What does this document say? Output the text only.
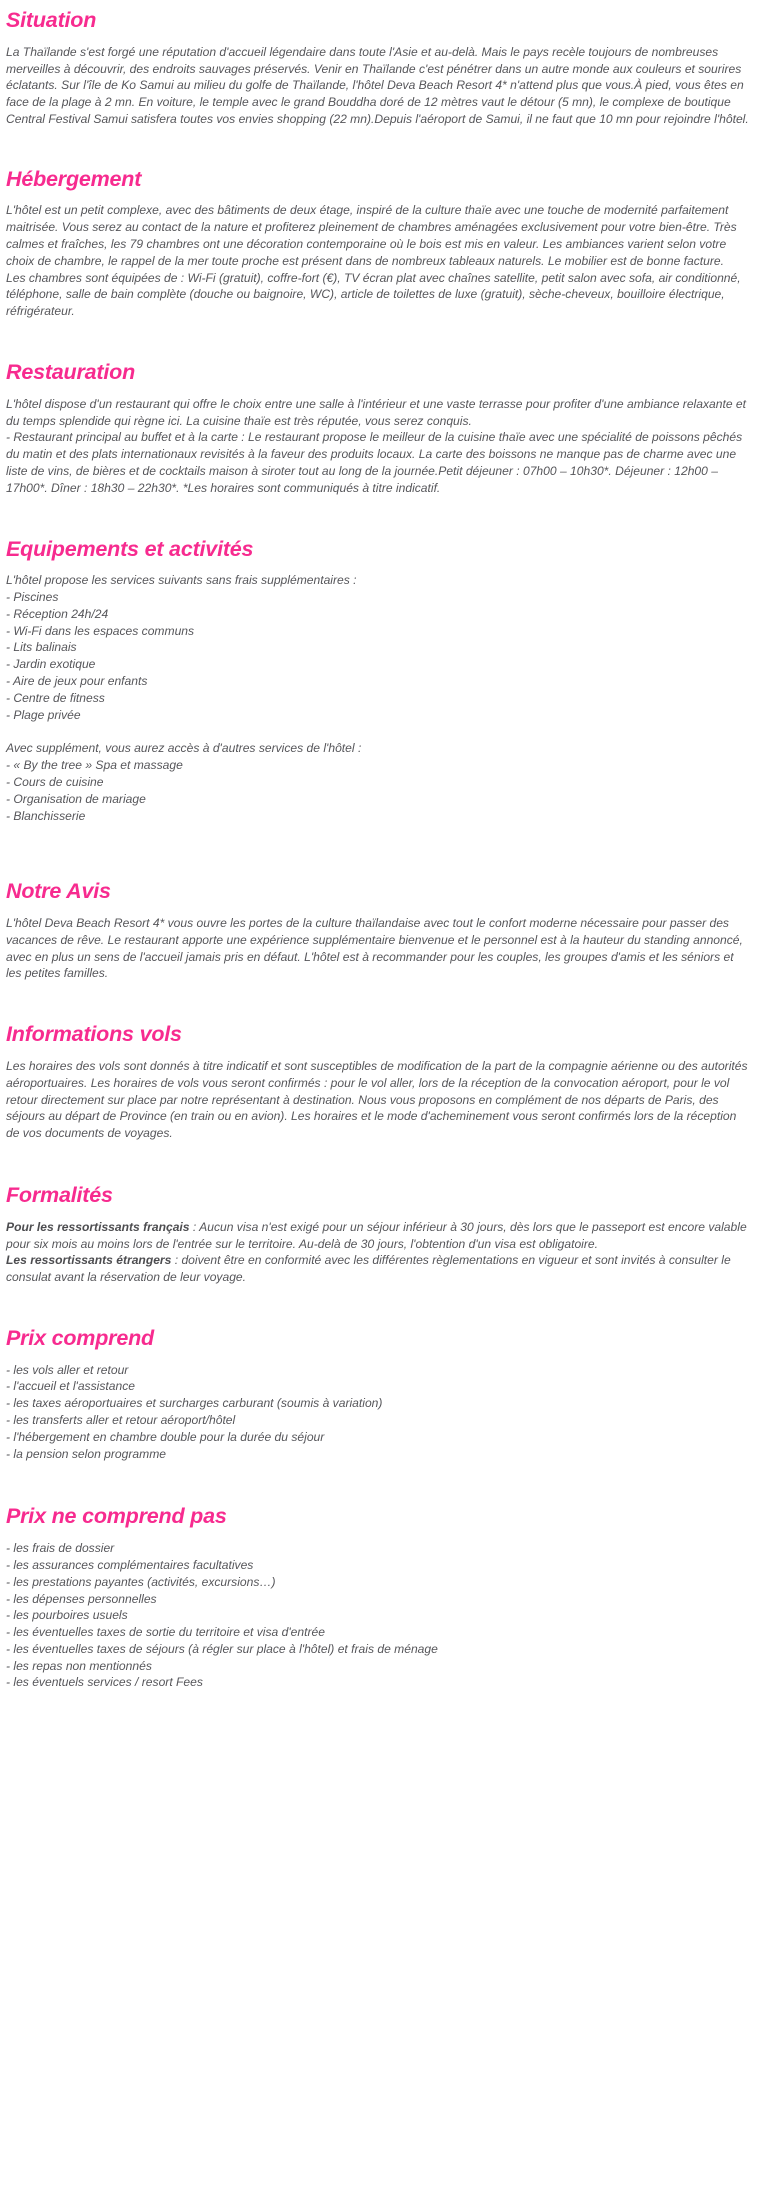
Situation

La Thaïlande s'est forgé une réputation d'accueil légendaire dans toute l'Asie et au-delà. Mais le pays recèle toujours de nombreuses merveilles à découvrir, des endroits sauvages préservés. Venir en Thaïlande c'est pénétrer dans un autre monde aux couleurs et sourires éclatants. Sur l'île de Ko Samui au milieu du golfe de Thaïlande, l'hôtel Deva Beach Resort 4* n'attend plus que vous.À pied, vous êtes en face de la plage à 2 mn. En voiture, le temple avec le grand Bouddha doré de 12 mètres vaut le détour (5 mn), le complexe de boutique Central Festival Samui satisfera toutes vos envies shopping (22 mn).Depuis l'aéroport de Samui, il ne faut que 10 mn pour rejoindre l'hôtel.

Hébergement

L'hôtel est un petit complexe, avec des bâtiments de deux étage, inspiré de la culture thaïe avec une touche de modernité parfaitement maitrisée. Vous serez au contact de la nature et profiterez pleinement de chambres aménagées exclusivement pour votre bien-être. Très calmes et fraîches, les 79 chambres ont une décoration contemporaine où le bois est mis en valeur. Les ambiances varient selon votre choix de chambre, le rappel de la mer toute proche est présent dans de nombreux tableaux naturels. Le mobilier est de bonne facture.

Les chambres sont équipées de : Wi-Fi (gratuit), coffre-fort (€), TV écran plat avec chaînes satellite, petit salon avec sofa, air conditionné, téléphone, salle de bain complète (douche ou baignoire, WC), article de toilettes de luxe (gratuit), sèche-cheveux, bouilloire électrique, réfrigérateur.

Restauration

L'hôtel dispose d'un restaurant qui offre le choix entre une salle à l'intérieur et une vaste terrasse pour profiter d'une ambiance relaxante et du temps splendide qui règne ici. La cuisine thaïe est très réputée, vous serez conquis.

- Restaurant principal au buffet et à la carte : Le restaurant propose le meilleur de la cuisine thaïe avec une spécialité de poissons pêchés du matin et des plats internationaux revisités à la faveur des produits locaux. La carte des boissons ne manque pas de charme avec une liste de vins, de bières et de cocktails maison à siroter tout au long de la journée.Petit déjeuner : 07h00 – 10h30*. Déjeuner : 12h00 – 17h00*. Dîner : 18h30 – 22h30*. *Les horaires sont communiqués à titre indicatif.

Equipements et activités

L'hôtel propose les services suivants sans frais supplémentaires :

- Piscines
- Réception 24h/24
- Wi-Fi dans les espaces communs
- Lits balinais
- Jardin exotique
- Aire de jeux pour enfants
- Centre de fitness
- Plage privée

Avec supplément, vous aurez accès à d'autres services de l'hôtel :

- « By the tree » Spa et massage
- Cours de cuisine
- Organisation de mariage
- Blanchisserie
Notre Avis

L'hôtel Deva Beach Resort 4* vous ouvre les portes de la culture thaïlandaise avec tout le confort moderne nécessaire pour passer des vacances de rêve. Le restaurant apporte une expérience supplémentaire bienvenue et le personnel est à la hauteur du standing annoncé, avec en plus un sens de l'accueil jamais pris en défaut. L'hôtel est à recommander pour les couples, les groupes d'amis et les séniors et les petites familles.

Informations vols

Les horaires des vols sont donnés à titre indicatif et sont susceptibles de modification de la part de la compagnie aérienne ou des autorités aéroportuaires. Les horaires de vols vous seront confirmés : pour le vol aller, lors de la réception de la convocation aéroport, pour le vol retour directement sur place par notre représentant à destination. Nous vous proposons en complément de nos départs de Paris, des séjours au départ de Province (en train ou en avion). Les horaires et le mode d'acheminement vous seront confirmés lors de la réception de vos documents de voyages.

Formalités

Pour les ressortissants français : Aucun visa n'est exigé pour un séjour inférieur à 30 jours, dès lors que le passeport est encore valable pour six mois au moins lors de l'entrée sur le territoire. Au-delà de 30 jours, l'obtention d'un visa est obligatoire.

Les ressortissants étrangers : doivent être en conformité avec les différentes règlementations en vigueur et sont invités à consulter le consulat avant la réservation de leur voyage.

Prix comprend
- les vols aller et retour
- l'accueil et l'assistance
- les taxes aéroportuaires et surcharges carburant (soumis à variation)
- les transferts aller et retour aéroport/hôtel
- l'hébergement en chambre double pour la durée du séjour
- la pension selon programme
Prix ne comprend pas
- les frais de dossier
- les assurances complémentaires facultatives
- les prestations payantes (activités, excursions…)
- les dépenses personnelles
- les pourboires usuels
- les éventuelles taxes de sortie du territoire et visa d'entrée
- les éventuelles taxes de séjours (à régler sur place à l'hôtel) et frais de ménage
- les repas non mentionnés
- les éventuels services / resort Fees
